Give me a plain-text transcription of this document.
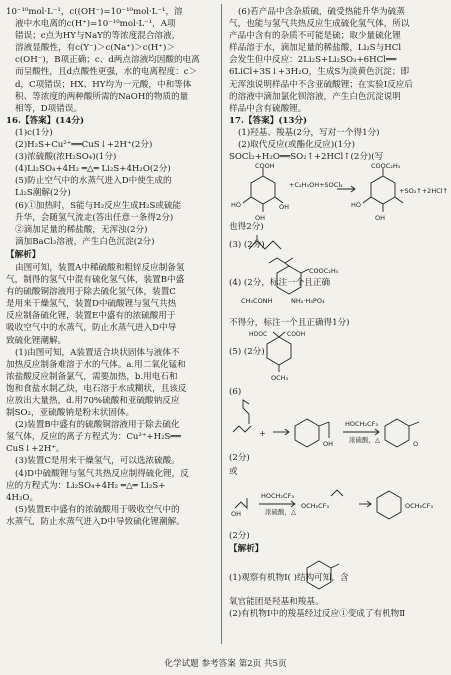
10⁻¹⁰mol·L⁻¹，c((OH⁻)=10⁻¹⁰mol·L⁻¹，溶

液中水电离的c(H⁺)=10⁻¹⁰mol·L⁻¹，A项

错误；c点为HY与NaY的等浓度混合溶液，

溶液显酸性，有c(Y⁻)＞c(Na⁺)＞c(H⁺)＞

c(OH⁻)，B项正确；c、d两点溶液均因酸的电离

而呈酸性，且d点酸性更强，水的电离程度：c＞

d，C项错误；HX、HY均为一元酸，中和等体

积、等浓度的两种酸所需的NaOH的物质的量

相等，D项错误。

16.【答案】(14分)

(1)c(1分)

(2)H₂S+Cu²⁺══CuS↓+2H⁺(2分)

(3)浓硫酸(浓H₂SO₄)(1分)

(4)Li₂SO₄+4H₂ ═△═ Li₂S+4H₂O(2分)

(5)防止空气中的水蒸气进入D中使生成的

Li₂S潮解(2分)

(6)①加热时，S能与H₂反应生成H₂S或硫能

升华，会随氢气流走(答出任意一条得2分)

②滴加足量的稀盐酸，无浑浊(2分)

滴加BaCl₂溶液，产生白色沉淀(2分)

【解析】

由图可知，装置A中稀硫酸和粗锌反应制备氢

气，制得的氢气中混有硫化氢气体，装置B中盛

有的硫酸铜溶液用于除去硫化氢气体，装置C

是用来干燥氢气，装置D中硫酸锂与氢气共热

反应制备硫化锂，装置E中盛有的浓硫酸用于

吸收空气中的水蒸气，防止水蒸气进入D中导

致硫化锂潮解。

(1)由图可知，A装置适合块状固体与液体不

加热反应制备难溶于水的气体。a.用二氧化锰和

浓盐酸反应制备氯气，需要加热，b.用电石和

饱和食盐水制乙炔，电石溶于水成糊状，且该反

应放出大量热，d.用70%硫酸和亚硫酸钠反应

制SO₂，亚硫酸钠是粉末状固体。

(2)装置B中盛有的硫酸铜溶液用于除去硫化

氢气体，反应的离子方程式为：Cu²⁺+H₂S══

CuS↓+2H⁺。

(3)装置C是用来干燥氢气，可以选浓硫酸。

(4)D中硫酸锂与氢气共热反应制得硫化锂，反

应的方程式为：Li₂SO₄+4H₂ ═△═ Li₂S+

4H₂O。

(5)装置E中盛有的浓硫酸用于吸收空气中的

水蒸气，防止水蒸气进入D中导致硫化锂潮解。

(6)若产品中含杂质硫，硫受热能升华为硫蒸

气，也能与氢气共热反应生成硫化氢气体，所以

产品中含有的杂质不可能是硫；取少量硫化锂

样品溶于水，滴加足量的稀盐酸，Li₂S与HCl

会发生但中反应：2Li₂S+Li₂SO₃+6HCl══

6LiCl+3S↓+3H₂O，生成S为淡黄色沉淀；即

无浑浊说明样品中不含亚硫酸锂；在实验Ⅰ反应后

的溶液中滴加氯化钡溶液，产生白色沉淀说明

样品中含有硫酸锂。

17.【答案】(13分)

(1)羟基、羧基(2分，写对一个得1分)

(2)取代反应(或酯化反应)(1分)

SOCl₂+H₂O══SO₂↑+2HCl↑(2分)(写

COOH
HO	OH
OH
+C₂H₅OH+SOCl₂
COOC₂H₅
HO
+SO₂↑+2HCl↑
OH

也得2分)

(3) (2分)
(4) (2分，标注一个且正确
COOC₂H₅
CH₃CONH	NH₂·H₃PO₄

不得分，标注一个且正确得1分)

(5) (2分)
HOOC	COOH
OCH₃

(6)

+
HOCH₂CF₃
浓硫酸，△
OH	O
(2分)

或

OH
HOCH₂CF₃
浓硫酸，△
OCH₂CF₃	OCH₂CF₃

(2分)

【解析】
(1)观察有机物Ⅰ( )结构可知，含

氧官能团是羟基和羧基。

(2)有机物Ⅰ中的羧基经过反应①变成了有机物Ⅱ

化学试题 参考答案 第2页 共5页
